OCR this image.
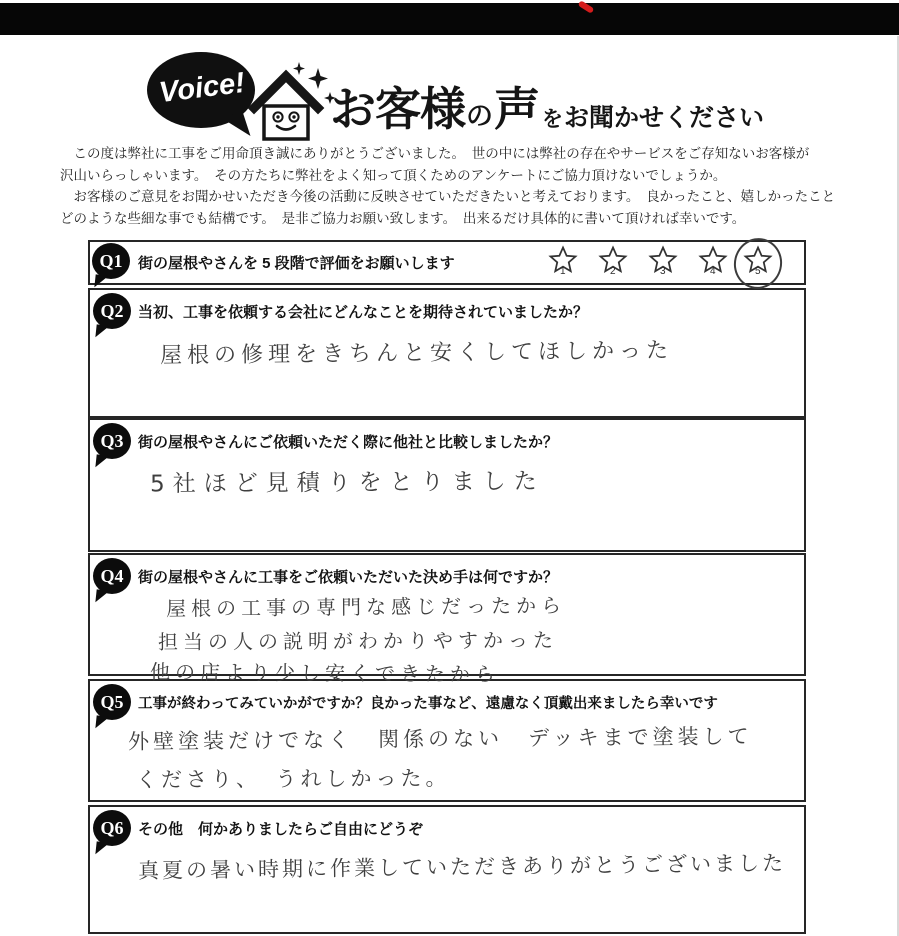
Voice! お客様 の 声 を お聞かせください
　この度は弊社に工事をご用命頂き誠にありがとうございました。　世の中には弊社の存在やサービスをご存知ないお客様が
沢山いらっしゃいます。　その方たちに弊社をよく知って頂くためのアンケートにご協力頂けないでしょうか。
　お客様のご意見をお聞かせいただき今後の活動に反映させていただきたいと考えております。　良かったこと、嬉しかったこと
どのような些細な事でも結構です。　是非ご協力お願い致します。　出来るだけ具体的に書いて頂ければ幸いです。
Q1 街の屋根やさんを 5 段階で評価をお願いします	1	2	3	4	5
Q2 当初、工事を依頼する会社にどんなことを期待されていましたか？
屋根の修理をきちんと安くしてほしかった
Q3 街の屋根やさんにご依頼いただく際に他社と比較しましたか？
5社ほど見積りをとりました
Q4 街の屋根やさんに工事をご依頼いただいた決め手は何ですか？
屋根の工事の専門な感じだったから
担当の人の説明がわかりやすかった
他の店より少し安くできたから
Q5 工事が終わってみていかがですか？良かった事など、遠慮なく頂戴出来ましたら幸いです
外壁塗装だけでなく　関係のない　デッキまで塗装して
くださり、　うれしかった。
Q6 その他　何かありましたらご自由にどうぞ
真夏の暑い時期に作業していただきありがとうございました
